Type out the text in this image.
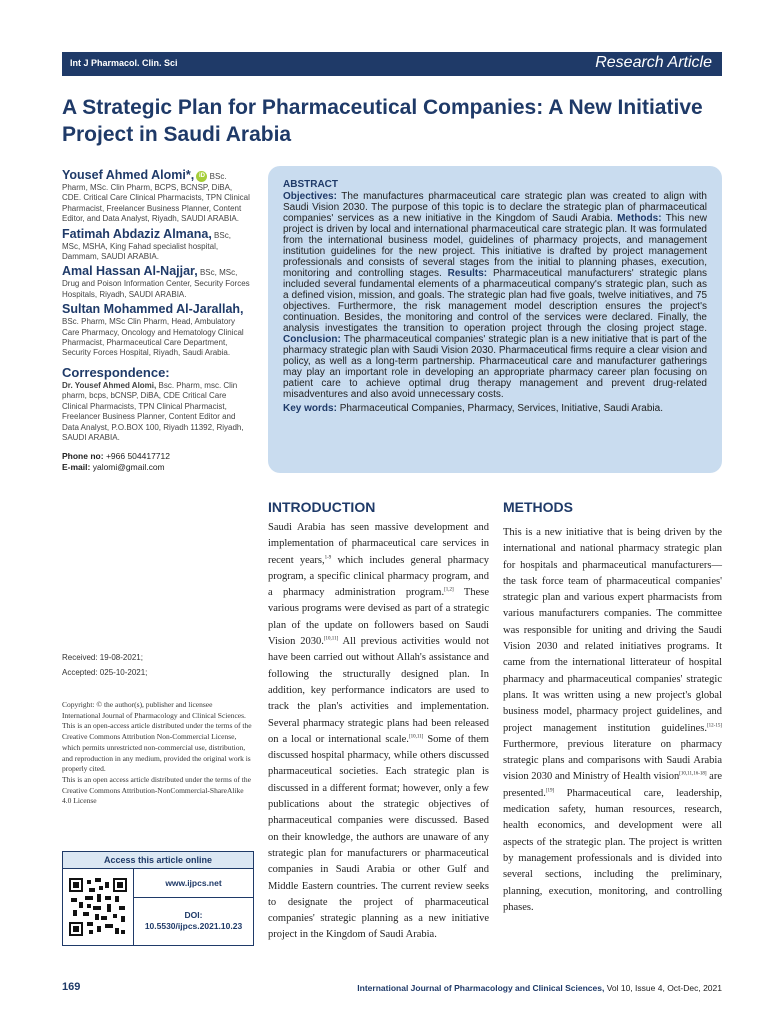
Int J Pharmacol. Clin. Sci	Research Article
A Strategic Plan for Pharmaceutical Companies: A New Initiative Project in Saudi Arabia
Yousef Ahmed Alomi*, iD BSc. Pharm, MSc. Clin Pharm, BCPS, BCNSP, DiBA, CDE. Critical Care Clinical Pharmacists, TPN Clinical Pharmacist, Freelancer Business Planner, Content Editor, and Data Analyst, Riyadh, SAUDI ARABIA.
Fatimah Abdaziz Almana, BSc, MSc, MSHA, King Fahad specialist hospital, Dammam, SAUDI ARABIA.
Amal Hassan Al-Najjar, BSc, MSc, Drug and Poison Information Center, Security Forces Hospitals, Riyadh, SAUDI ARABIA.
Sultan Mohammed Al-Jarallah, BSc. Pharm, MSc Clin Pharm, Head, Ambulatory Care Pharmacy, Oncology and Hematology Clinical Pharmacist, Pharmaceutical Care Department, Security Forces Hospital, Riyadh, Saudi Arabia.
Correspondence:
Dr. Yousef Ahmed Alomi, Bsc. Pharm, msc. Clin pharm, bcps, bCNSP, DiBA, CDE Critical Care Clinical Pharmacists, TPN Clinical Pharmacist, Freelancer Business Planner, Content Editor and Data Analyst, P.O.BOX 100, Riyadh 11392, Riyadh, SAUDI ARABIA.
Phone no: +966 504417712
E-mail: yalomi@gmail.com
Received: 19-08-2021;
Accepted: 025-10-2021;
Copyright: © the author(s), publisher and licensee International Journal of Pharmacology and Clinical Sciences. This is an open-access article distributed under the terms of the Creative Commons Attribution Non-Commercial License, which permits unrestricted non-commercial use, distribution, and reproduction in any medium, provided the original work is properly cited.
This is an open access article distributed under the terms of the Creative Commons Attribution-NonCommercial-ShareAlike 4.0 License
Access this article online
www.ijpcs.net
DOI:
10.5530/ijpcs.2021.10.23
ABSTRACT
Objectives: The manufactures pharmaceutical care strategic plan was created to align with Saudi Vision 2030. The purpose of this topic is to declare the strategic plan of pharmaceutical companies' services as a new initiative in the Kingdom of Saudi Arabia. Methods: This new project is driven by local and international pharmaceutical care strategic plan. It was formulated from the international business model, guidelines of pharmacy projects, and management institution guidelines for the new project. This initiative is drafted by project management professionals and consists of several stages from the initial to planning phases, execution, monitoring and controlling stages. Results: Pharmaceutical manufacturers' strategic plans included several fundamental elements of a pharmaceutical company's strategic plan, such as a defined vision, mission, and goals. The strategic plan had five goals, twelve initiatives, and 75 objectives. Furthermore, the risk management model description ensures the project's continuation. Besides, the monitoring and control of the services were declared. Finally, the analysis investigates the transition to operation project through the closing project stage. Conclusion: The pharmaceutical companies' strategic plan is a new initiative that is part of the pharmacy strategic plan with Saudi Vision 2030. Pharmaceutical firms require a clear vision and policy, as well as a long-term partnership. Pharmaceutical care and manufacturer gatherings may play an important role in developing an appropriate pharmacy career plan focusing on patient care to achieve optimal drug therapy management and prevent drug-related misadventures and also avoid unnecessary costs.
Key words: Pharmaceutical Companies, Pharmacy, Services, Initiative, Saudi Arabia.
INTRODUCTION
Saudi Arabia has seen massive development and implementation of pharmaceutical care services in recent years,$^{1-9}$ which includes general pharmacy program, a specific clinical pharmacy program, and a pharmacy administration program.[1,2] These various programs were devised as part of a strategic plan of the update on followers based on Saudi Vision 2030.[10,11] All previous activities would not have been carried out without Allah's assistance and following the structurally designed plan. In addition, key performance indicators are used to track the plan's activities and implementation. Several pharmacy strategic plans had been released on a local or international scale.[10,11] Some of them discussed hospital pharmacy, while others discussed pharmaceutical societies. Each strategic plan is discussed in a different format; however, only a few publications about the strategic objectives of pharmaceutical companies were discussed. Based on their knowledge, the authors are unaware of any strategic plan for manufacturers or pharmaceutical companies in Saudi Arabia or other Gulf and Middle Eastern countries. The current review seeks to designate the project of pharmaceutical companies' strategic planning as a new initiative project in the Kingdom of Saudi Arabia.
METHODS
This is a new initiative that is being driven by the international and national pharmacy strategic plan for hospitals and pharmaceutical manufacturers—the task force team of pharmaceutical companies' strategic plan and various expert pharmacists from various manufacturers companies. The committee was responsible for uniting and driving the Saudi Vision 2030 and related initiatives programs. It came from the international litterateur of hospital pharmacy and pharmaceutical companies' strategic plans. It was written using a new project's global business model, pharmacy project guidelines, and project management institution guidelines.[12-15] Furthermore, previous literature on pharmacy strategic plans and comparisons with Saudi Arabia vision 2030 and Ministry of Health vision[10,11,16-18] are presented.[19] Pharmaceutical care, leadership, medication safety, human resources, research, health economics, and development were all aspects of the strategic plan. The project is written by management professionals and is divided into several sections, including the preliminary, planning, execution, monitoring, and controlling phases.
169	International Journal of Pharmacology and Clinical Sciences, Vol 10, Issue 4, Oct-Dec, 2021
